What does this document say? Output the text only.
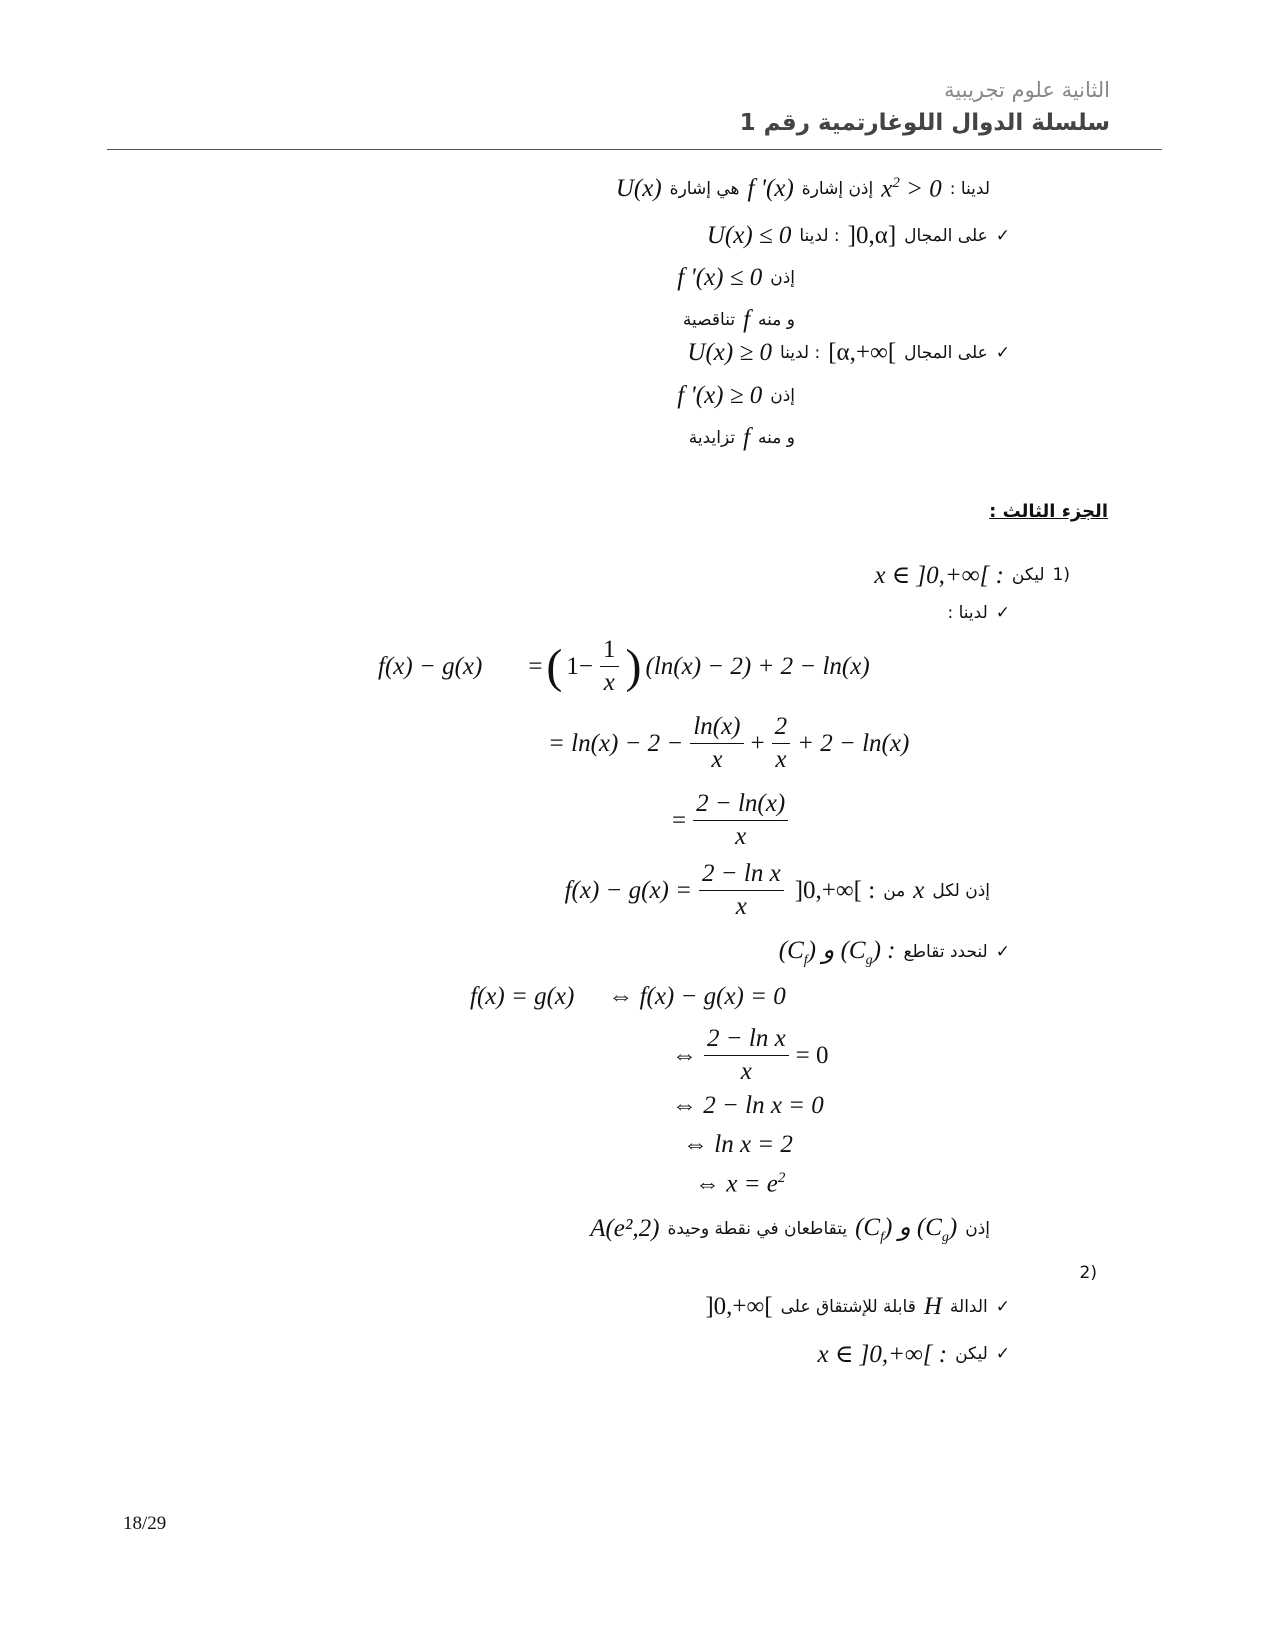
الثانية علوم تجريبية
سلسلة الدوال اللوغارتمية رقم 1
لدينا :
$x^2 > 0$
إذن إشارة
f '(x)
هي إشارة
U(x)
✓
على المجال
]0,α]
: لدينا
U(x) ≤ 0
إذن
f '(x) ≤ 0
و منه
f
تناقصية
✓
على المجال
[α,+∞[
: لدينا
U(x) ≥ 0
إذن
f '(x) ≥ 0
و منه
f
تزايدية
الجزء الثالث :
(1
ليكن
x ∈ ]0,+∞[ :
✓
لدينا :
f(x) − g(x) = ( $1- \frac{1}{x}$ ) (ln(x) − 2) + 2 − ln(x)
= $\ln(x) - 2 - \frac{\ln(x)}{x} + \frac{2}{x} + 2 - \ln(x)$
= $\frac{2 - \ln(x)}{x}$
إذن لكل
x
من
]0,+∞[ :
$f(x) - g(x) = \frac{\text{2 − ln x}}{x}$
✓
لنحدد تقاطع
$(C_f)$ و $(C_g)$ :
f(x) = g(x) ⇔ f(x) − g(x) = 0
⇔ $\frac{\text{2 − ln x}}{x} = 0$
⇔ 2 − ln x = 0
⇔ ln x = 2
⇔ $x = e^2$
إذن
$(C_f)$ و $(C_g)$
يتقاطعان في نقطة وحيدة
A(e²,2)
(2
✓
الدالة
H
قابلة للإشتقاق على
]0,+∞[
✓
ليكن
x ∈ ]0,+∞[ :
18/29
